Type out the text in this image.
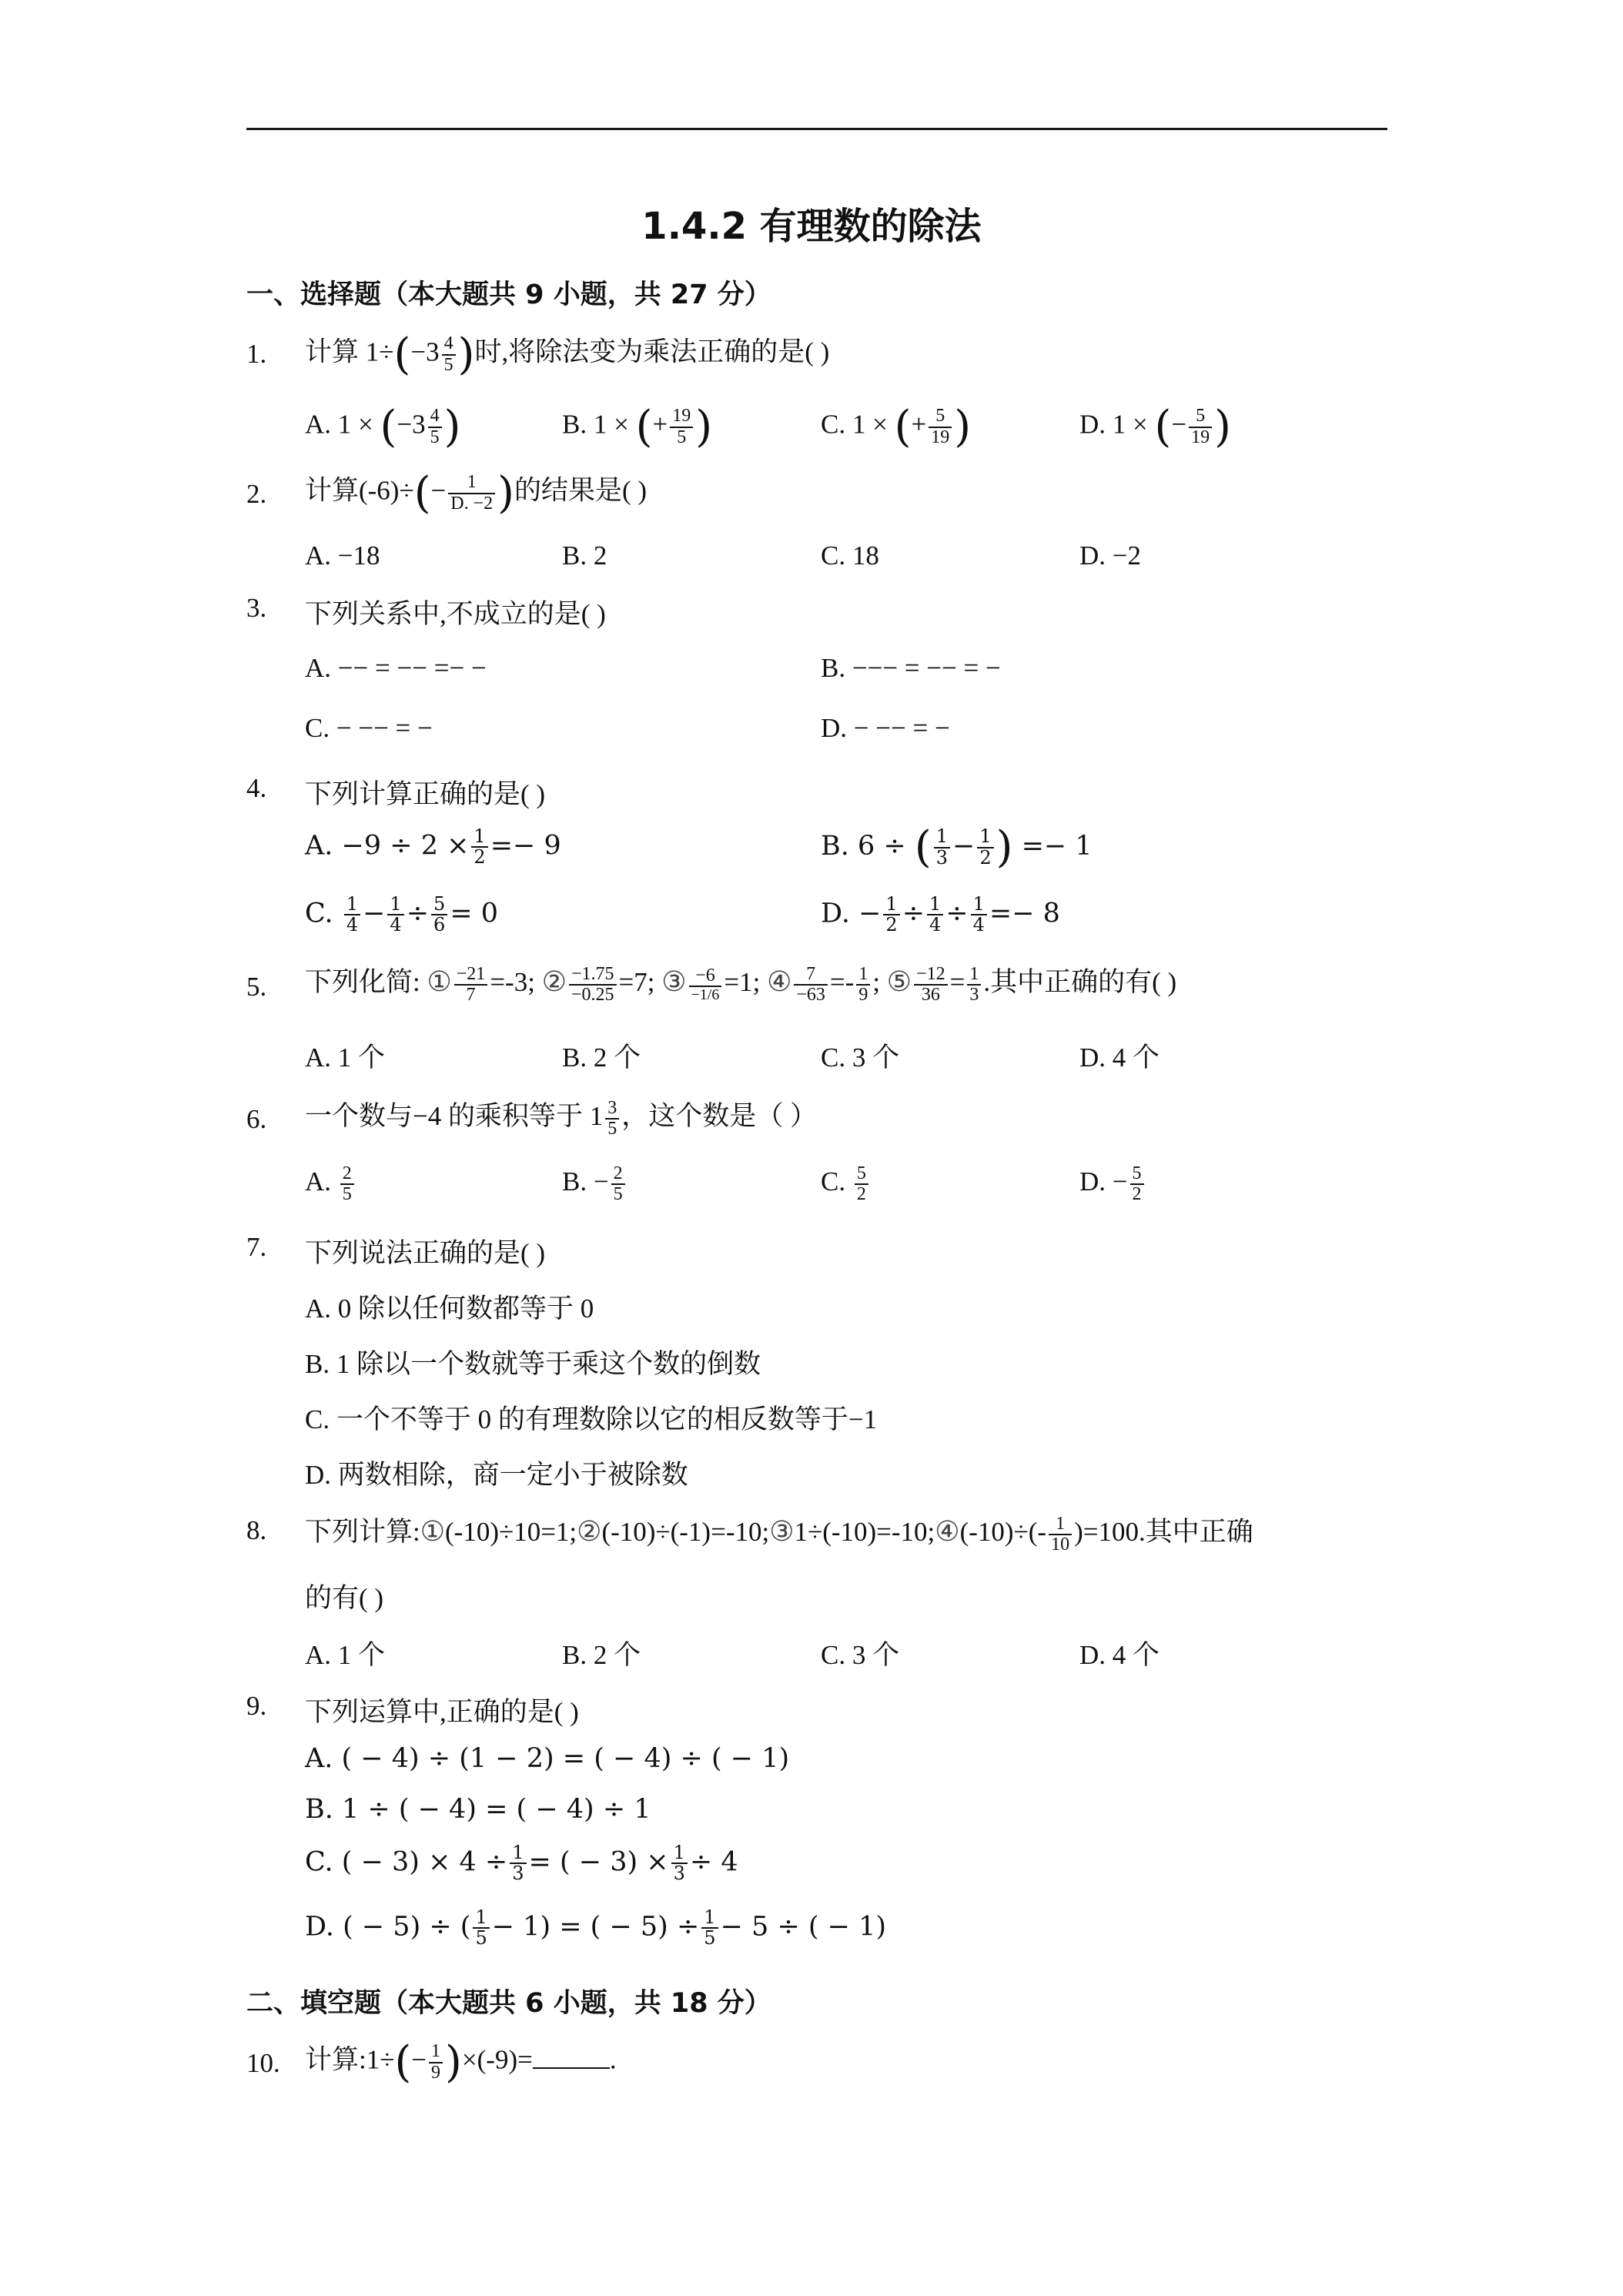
1.4.2 有理数的除法
一、选择题（本大题共 9 小题，共 27 分）
1. 计算 $1\div(-3 \frac{4}{5}$ )时,将除法变为乘法正确的是( )
A. $1 \times (-3 \frac{4}{5}$ )	B. 1 × (+ $\frac{19}{5}$ )	C. 1 × (+ $\frac{5}{19}$ )	D. 1 × (− $\frac{5}{19}$ )
2. 计算$(-6)\div(- \frac{1}{D. -2}$ )的结果是( )
A. −18	B. 2	C. 18	D. −2
3. 下列关系中,不成立的是( )
A. −− = −− =− −	B. −−− = −− = −
C. − −− = −	D. − −− = −
4. 下列计算正确的是( )
A. $-9 \div 2 \times \frac{1}{2} =- 9$	B. 6 ÷ ( $\frac{1}{3} - \frac{1}{2}$ ) =− 1
C. $\frac{1}{4} - \frac{1}{4} \div \frac{5}{6} = 0$	D. − $\frac{1}{2} \div \frac{1}{4} \div \frac{1}{4} =- 8$
5. 下列化简: ① $\frac{-21}{7} =-3$; ② $\frac{-1.75}{-0.25} =7$; ③ $\frac{-6}{-1/6} =1$; ④ $\frac{7}{-63} =- \frac{1}{9}$ ; ⑤ $\frac{-12}{36} = \frac{1}{3}$ .其中正确的有( )
A. 1 个	B. 2 个	C. 3 个	D. 4 个
6. 一个数与−4 的乘积等于 $1 \frac{3}{5}$ ，这个数是（ ）
A. $\frac{2}{5}$	B. − $\frac{2}{5}$	C. $\frac{5}{2}$	D. − $\frac{5}{2}$
7. 下列说法正确的是( )
A. 0 除以任何数都等于 0
B. 1 除以一个数就等于乘这个数的倒数
C. 一个不等于 0 的有理数除以它的相反数等于−1
D. 两数相除，商一定小于被除数
8. 下列计算:①(-10)÷10=1;②(-10)÷(-1)=-10;③1÷(-10)=-10;④(-10)÷(- $\frac{1}{10} )=100$.其中正确
的有( )
A. 1 个	B. 2 个	C. 3 个	D. 4 个
9. 下列运算中,正确的是( )
A. ( − 4) ÷ (1 − 2) = ( − 4) ÷ ( − 1)
B. 1 ÷ ( − 4) = ( − 4) ÷ 1
C. ( − $3) \times 4 \div \frac{1}{3}$ = ( − $3) \times \frac{1}{3} \div 4$
D. ( − 5) ÷ ( $\frac{1}{5} - 1$) = ( − $5) \div \frac{1}{5} - 5$ ÷ ( − 1)
二、填空题（本大题共 6 小题，共 18 分）
10. 计算:1÷(− $\frac{1}{9} )\times(-9)=$	.
